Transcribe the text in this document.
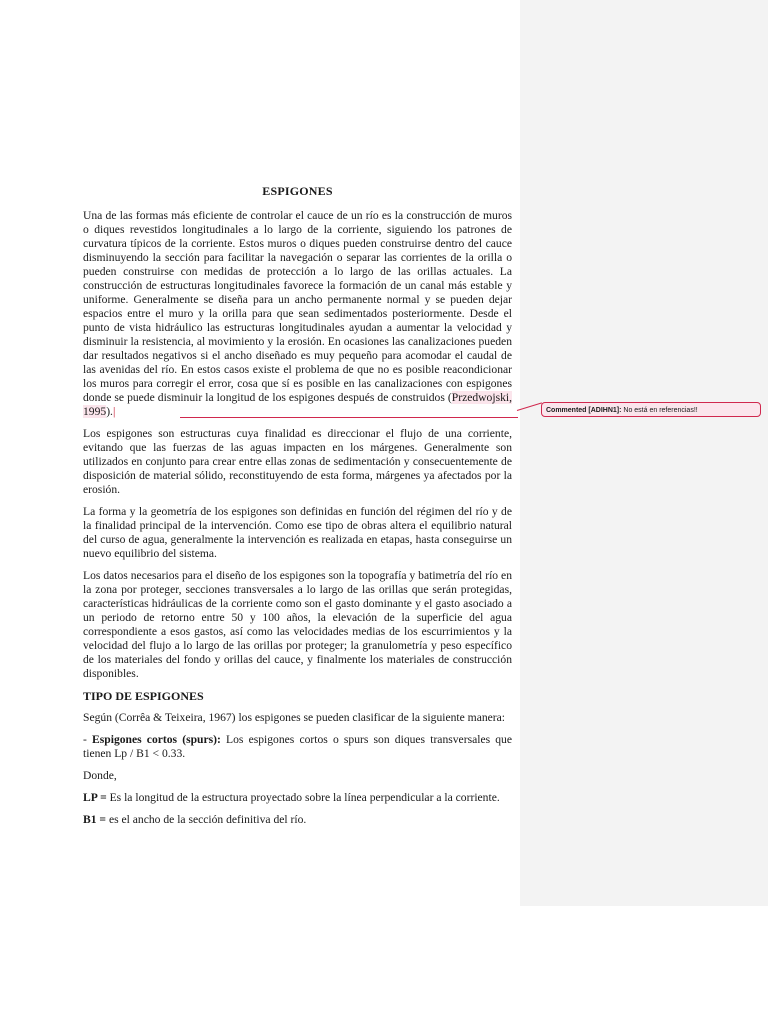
ESPIGONES

Una de las formas más eficiente de controlar el cauce de un río es la construcción de muros o diques revestidos longitudinales a lo largo de la corriente, siguiendo los patrones de curvatura típicos de la corriente. Estos muros o diques pueden construirse dentro del cauce disminuyendo la sección para facilitar la navegación o separar las corrientes de la orilla o pueden construirse con medidas de protección a lo largo de las orillas actuales. La construcción de estructuras longitudinales favorece la formación de un canal más estable y uniforme. Generalmente se diseña para un ancho permanente normal y se pueden dejar espacios entre el muro y la orilla para que sean sedimentados posteriormente. Desde el punto de vista hidráulico las estructuras longitudinales ayudan a aumentar la velocidad y disminuir la resistencia, al movimiento y la erosión. En ocasiones las canalizaciones pueden dar resultados negativos si el ancho diseñado es muy pequeño para acomodar el caudal de las avenidas del río. En estos casos existe el problema de que no es posible reacondicionar los muros para corregir el error, cosa que sí es posible en las canalizaciones con espigones donde se puede disminuir la longitud de los espigones después de construidos (Przedwojski, 1995).|

Los espigones son estructuras cuya finalidad es direccionar el flujo de una corriente, evitando que las fuerzas de las aguas impacten en los márgenes. Generalmente son utilizados en conjunto para crear entre ellas zonas de sedimentación y consecuentemente de disposición de material sólido, reconstituyendo de esta forma, márgenes ya afectados por la erosión.

La forma y la geometría de los espigones son definidas en función del régimen del río y de la finalidad principal de la intervención. Como ese tipo de obras altera el equilibrio natural del curso de agua, generalmente la intervención es realizada en etapas, hasta conseguirse un nuevo equilibrio del sistema.

Los datos necesarios para el diseño de los espigones son la topografía y batimetría del río en la zona por proteger, secciones transversales a lo largo de las orillas que serán protegidas, características hidráulicas de la corriente como son el gasto dominante y el gasto asociado a un periodo de retorno entre 50 y 100 años, la elevación de la superficie del agua correspondiente a esos gastos, así como las velocidades medias de los escurrimientos y la velocidad del flujo a lo largo de las orillas por proteger; la granulometría y peso específico de los materiales del fondo y orillas del cauce, y finalmente los materiales de construcción disponibles.

TIPO DE ESPIGONES

Según (Corrêa & Teixeira, 1967) los espigones se pueden clasificar de la siguiente manera:

- Espigones cortos (spurs): Los espigones cortos o spurs son diques transversales que tienen Lp / B1 < 0.33.

Donde,

LP = Es la longitud de la estructura proyectado sobre la línea perpendicular a la corriente.

B1 = es el ancho de la sección definitiva del río.

Commented [ADIHN1]: No está en referencias!!
